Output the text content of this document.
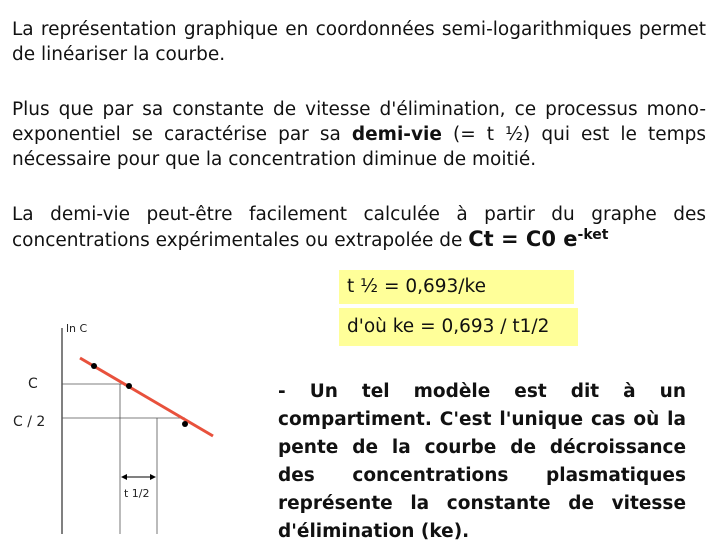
La représentation graphique en coordonnées semi-logarithmiques permet de linéariser la courbe.
Plus que par sa constante de vitesse d'élimination, ce processus mono-exponentiel se caractérise par sa demi-vie (= t ½) qui est le temps nécessaire pour que la concentration diminue de moitié.
La demi-vie peut-être facilement calculée à partir du graphe des concentrations expérimentales ou extrapolée de Ct = C0 $e^{-ket}$
t ½ = 0,693/ke
d'où ke = 0,693 / t1/2
ln C
C
C / 2
t 1/2
- Un tel modèle est dit à un compartiment. C'est l'unique cas où la pente de la courbe de décroissance des concentrations plasmatiques représente la constante de vitesse d'élimination (ke).
